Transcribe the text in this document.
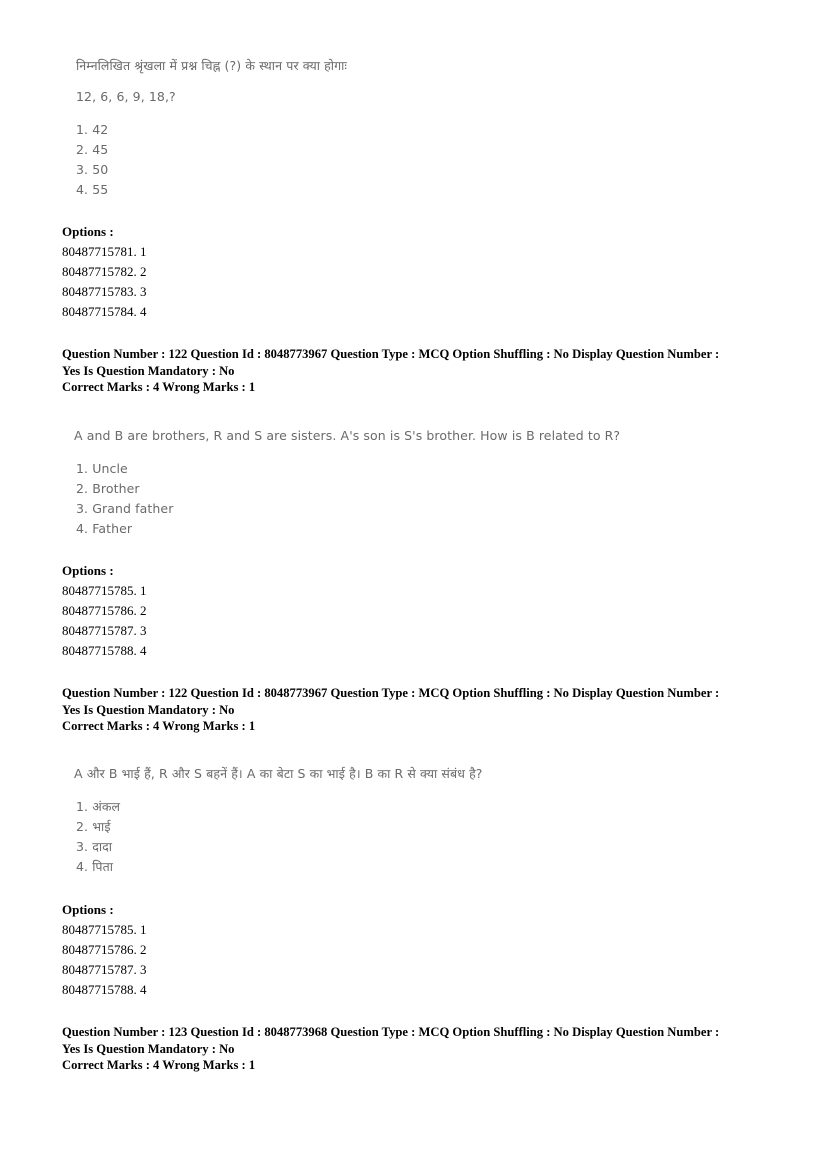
निम्नलिखित श्रृंखला में प्रश्न चिह्न (?) के स्थान पर क्या होगाः
12, 6, 6, 9, 18,?
1. 42
2. 45
3. 50
4. 55
Options :
80487715781. 1
80487715782. 2
80487715783. 3
80487715784. 4
Question Number : 122 Question Id : 8048773967 Question Type : MCQ Option Shuffling : No Display Question Number :
Yes Is Question Mandatory : No
Correct Marks : 4 Wrong Marks : 1
A and B are brothers, R and S are sisters. A's son is S's brother. How is B related to R?
1. Uncle
2. Brother
3. Grand father
4. Father
Options :
80487715785. 1
80487715786. 2
80487715787. 3
80487715788. 4
Question Number : 122 Question Id : 8048773967 Question Type : MCQ Option Shuffling : No Display Question Number :
Yes Is Question Mandatory : No
Correct Marks : 4 Wrong Marks : 1
A और B भाई हैं, R और S बहनें हैं। A का बेटा S का भाई है। B का R से क्या संबंध है?
1. अंकल
2. भाई
3. दादा
4. पिता
Options :
80487715785. 1
80487715786. 2
80487715787. 3
80487715788. 4
Question Number : 123 Question Id : 8048773968 Question Type : MCQ Option Shuffling : No Display Question Number :
Yes Is Question Mandatory : No
Correct Marks : 4 Wrong Marks : 1
